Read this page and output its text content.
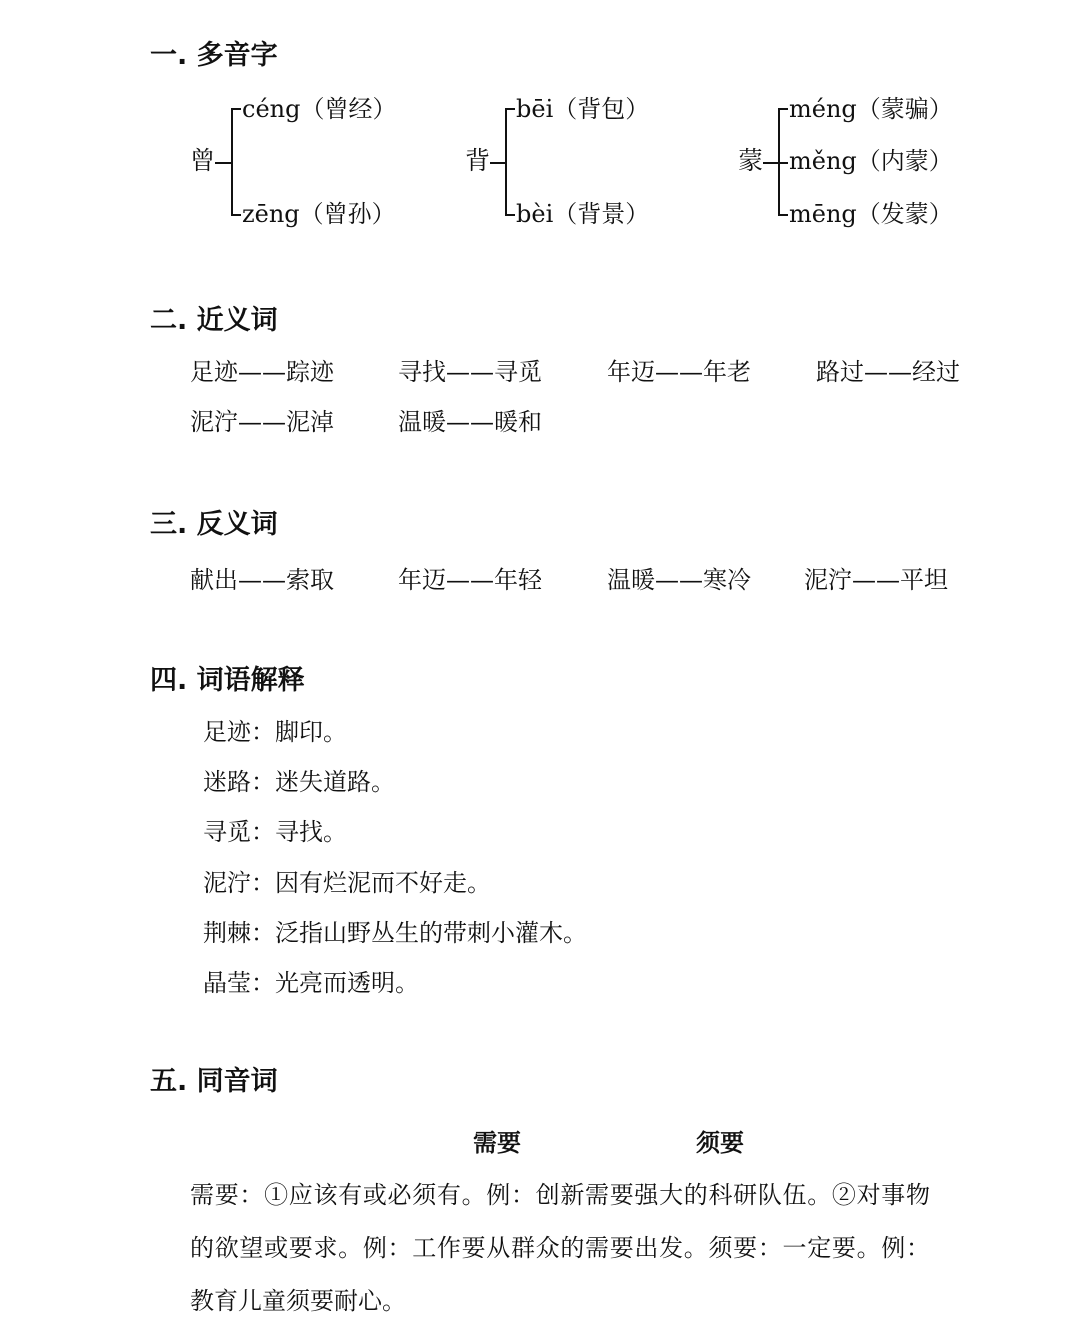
一. 多音字
曾
céng（曾经）
zēng（曾孙）
背
bēi（背包）
bèi（背景）
蒙
méng（蒙骗）
měng（内蒙）
mēng（发蒙）
二. 近义词
足迹——踪迹	寻找——寻觅	年迈——年老	路过——经过
泥泞——泥淖	温暖——暖和
三. 反义词
献出——索取	年迈——年轻	温暖——寒冷 泥泞——平坦
四. 词语解释
足迹：脚印。
迷路：迷失道路。
寻觅：寻找。
泥泞：因有烂泥而不好走。
荆棘：泛指山野丛生的带刺小灌木。
晶莹：光亮而透明。
五. 同音词
需要	须要
需要：①应该有或必须有。例：创新需要强大的科研队伍。②对事物的欲望或要求。例：工作要从群众的需要出发。须要：一定要。例：教育儿童须要耐心。
